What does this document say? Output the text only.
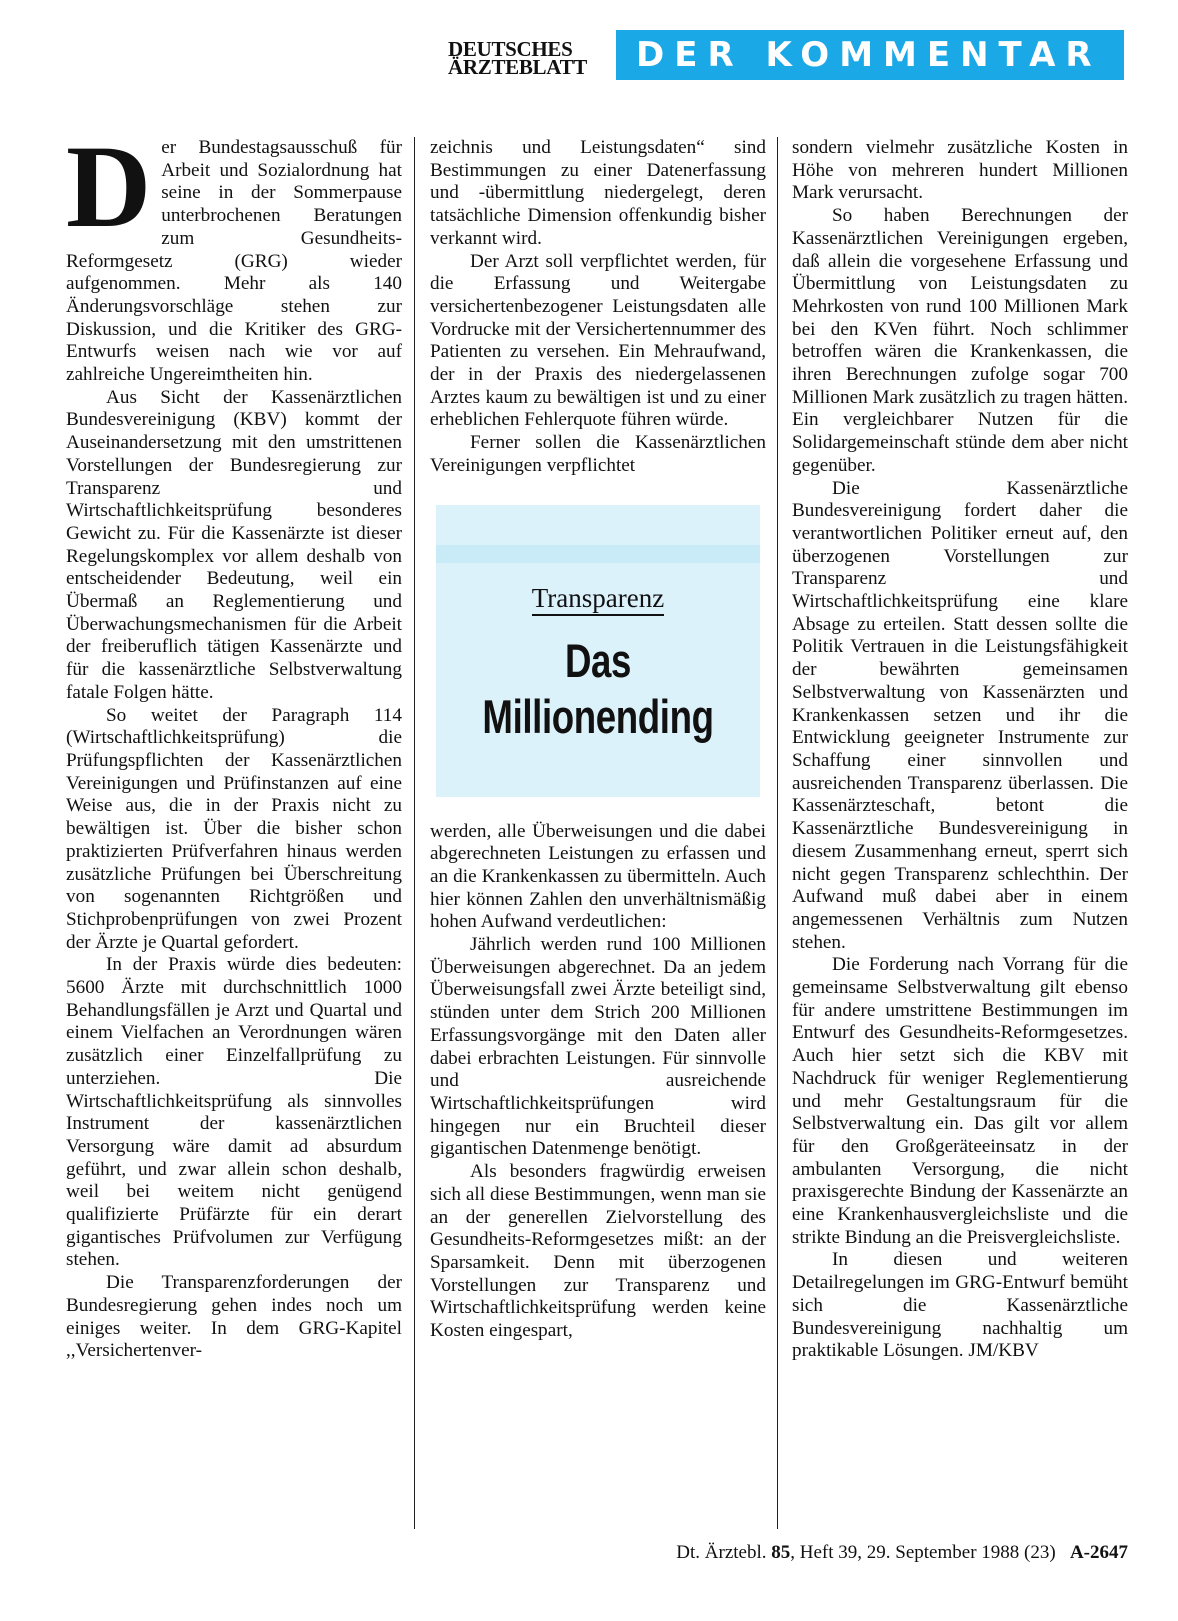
DEUTSCHES
ÄRZTEBLATT	DER KOMMENTAR

Der Bundestagsausschuß für Arbeit und Sozialordnung hat seine in der Sommerpause unterbrochenen Beratungen zum Gesundheits-Reformgesetz (GRG) wieder aufgenommen. Mehr als 140 Änderungsvorschläge stehen zur Diskussion, und die Kritiker des GRG-Entwurfs weisen nach wie vor auf zahlreiche Ungereimtheiten hin.

Aus Sicht der Kassenärztlichen Bundesvereinigung (KBV) kommt der Auseinandersetzung mit den umstrittenen Vorstellungen der Bundesregierung zur Transparenz und Wirtschaftlichkeitsprüfung besonderes Gewicht zu. Für die Kassenärzte ist dieser Regelungskomplex vor allem deshalb von entscheidender Bedeutung, weil ein Übermaß an Reglementierung und Überwachungsmechanismen für die Arbeit der freiberuflich tätigen Kassenärzte und für die kassenärztliche Selbstverwaltung fatale Folgen hätte.

So weitet der Paragraph 114 (Wirtschaftlichkeitsprüfung) die Prüfungspflichten der Kassenärztlichen Vereinigungen und Prüfinstanzen auf eine Weise aus, die in der Praxis nicht zu bewältigen ist. Über die bisher schon praktizierten Prüfverfahren hinaus werden zusätzliche Prüfungen bei Überschreitung von sogenannten Richtgrößen und Stichprobenprüfungen von zwei Prozent der Ärzte je Quartal gefordert.

In der Praxis würde dies bedeuten: 5600 Ärzte mit durchschnittlich 1000 Behandlungsfällen je Arzt und Quartal und einem Vielfachen an Verordnungen wären zusätzlich einer Einzelfallprüfung zu unterziehen. Die Wirtschaftlichkeitsprüfung als sinnvolles Instrument der kassenärztlichen Versorgung wäre damit ad absurdum geführt, und zwar allein schon deshalb, weil bei weitem nicht genügend qualifizierte Prüfärzte für ein derart gigantisches Prüfvolumen zur Verfügung stehen.

Die Transparenzforderungen der Bundesregierung gehen indes noch um einiges weiter. In dem GRG-Kapitel ,,Versichertenver-

zeichnis und Leistungsdaten“ sind Bestimmungen zu einer Datenerfassung und -übermittlung niedergelegt, deren tatsächliche Dimension offenkundig bisher verkannt wird.

Der Arzt soll verpflichtet werden, für die Erfassung und Weitergabe versichertenbezogener Leistungsdaten alle Vordrucke mit der Versichertennummer des Patienten zu versehen. Ein Mehraufwand, der in der Praxis des niedergelassenen Arztes kaum zu bewältigen ist und zu einer erheblichen Fehlerquote führen würde.

Ferner sollen die Kassenärztlichen Vereinigungen verpflichtet

Transparenz
Das
Millionending

werden, alle Überweisungen und die dabei abgerechneten Leistungen zu erfassen und an die Krankenkassen zu übermitteln. Auch hier können Zahlen den unverhältnismäßig hohen Aufwand verdeutlichen:

Jährlich werden rund 100 Millionen Überweisungen abgerechnet. Da an jedem Überweisungsfall zwei Ärzte beteiligt sind, stünden unter dem Strich 200 Millionen Erfassungsvorgänge mit den Daten aller dabei erbrachten Leistungen. Für sinnvolle und ausreichende Wirtschaftlichkeitsprüfungen wird hingegen nur ein Bruchteil dieser gigantischen Datenmenge benötigt.

Als besonders fragwürdig erweisen sich all diese Bestimmungen, wenn man sie an der generellen Zielvorstellung des Gesundheits-Reformgesetzes mißt: an der Sparsamkeit. Denn mit überzogenen Vorstellungen zur Transparenz und Wirtschaftlichkeitsprüfung werden keine Kosten eingespart,

sondern vielmehr zusätzliche Kosten in Höhe von mehreren hundert Millionen Mark verursacht.

So haben Berechnungen der Kassenärztlichen Vereinigungen ergeben, daß allein die vorgesehene Erfassung und Übermittlung von Leistungsdaten zu Mehrkosten von rund 100 Millionen Mark bei den KVen führt. Noch schlimmer betroffen wären die Krankenkassen, die ihren Berechnungen zufolge sogar 700 Millionen Mark zusätzlich zu tragen hätten. Ein vergleichbarer Nutzen für die Solidargemeinschaft stünde dem aber nicht gegenüber.

Die Kassenärztliche Bundesvereinigung fordert daher die verantwortlichen Politiker erneut auf, den überzogenen Vorstellungen zur Transparenz und Wirtschaftlichkeitsprüfung eine klare Absage zu erteilen. Statt dessen sollte die Politik Vertrauen in die Leistungsfähigkeit der bewährten gemeinsamen Selbstverwaltung von Kassenärzten und Krankenkassen setzen und ihr die Entwicklung geeigneter Instrumente zur Schaffung einer sinnvollen und ausreichenden Transparenz überlassen. Die Kassenärzteschaft, betont die Kassenärztliche Bundesvereinigung in diesem Zusammenhang erneut, sperrt sich nicht gegen Transparenz schlechthin. Der Aufwand muß dabei aber in einem angemessenen Verhältnis zum Nutzen stehen.

Die Forderung nach Vorrang für die gemeinsame Selbstverwaltung gilt ebenso für andere umstrittene Bestimmungen im Entwurf des Gesundheits-Reformgesetzes. Auch hier setzt sich die KBV mit Nachdruck für weniger Reglementierung und mehr Gestaltungsraum für die Selbstverwaltung ein. Das gilt vor allem für den Großgeräteeinsatz in der ambulanten Versorgung, die nicht praxisgerechte Bindung der Kassenärzte an eine Krankenhausvergleichsliste und die strikte Bindung an die Preisvergleichsliste.

In diesen und weiteren Detailregelungen im GRG-Entwurf bemüht sich die Kassenärztliche Bundesvereinigung nachhaltig um praktikable Lösungen. JM/KBV

Dt. Ärztebl. 85, Heft 39, 29. September 1988 (23) A-2647
